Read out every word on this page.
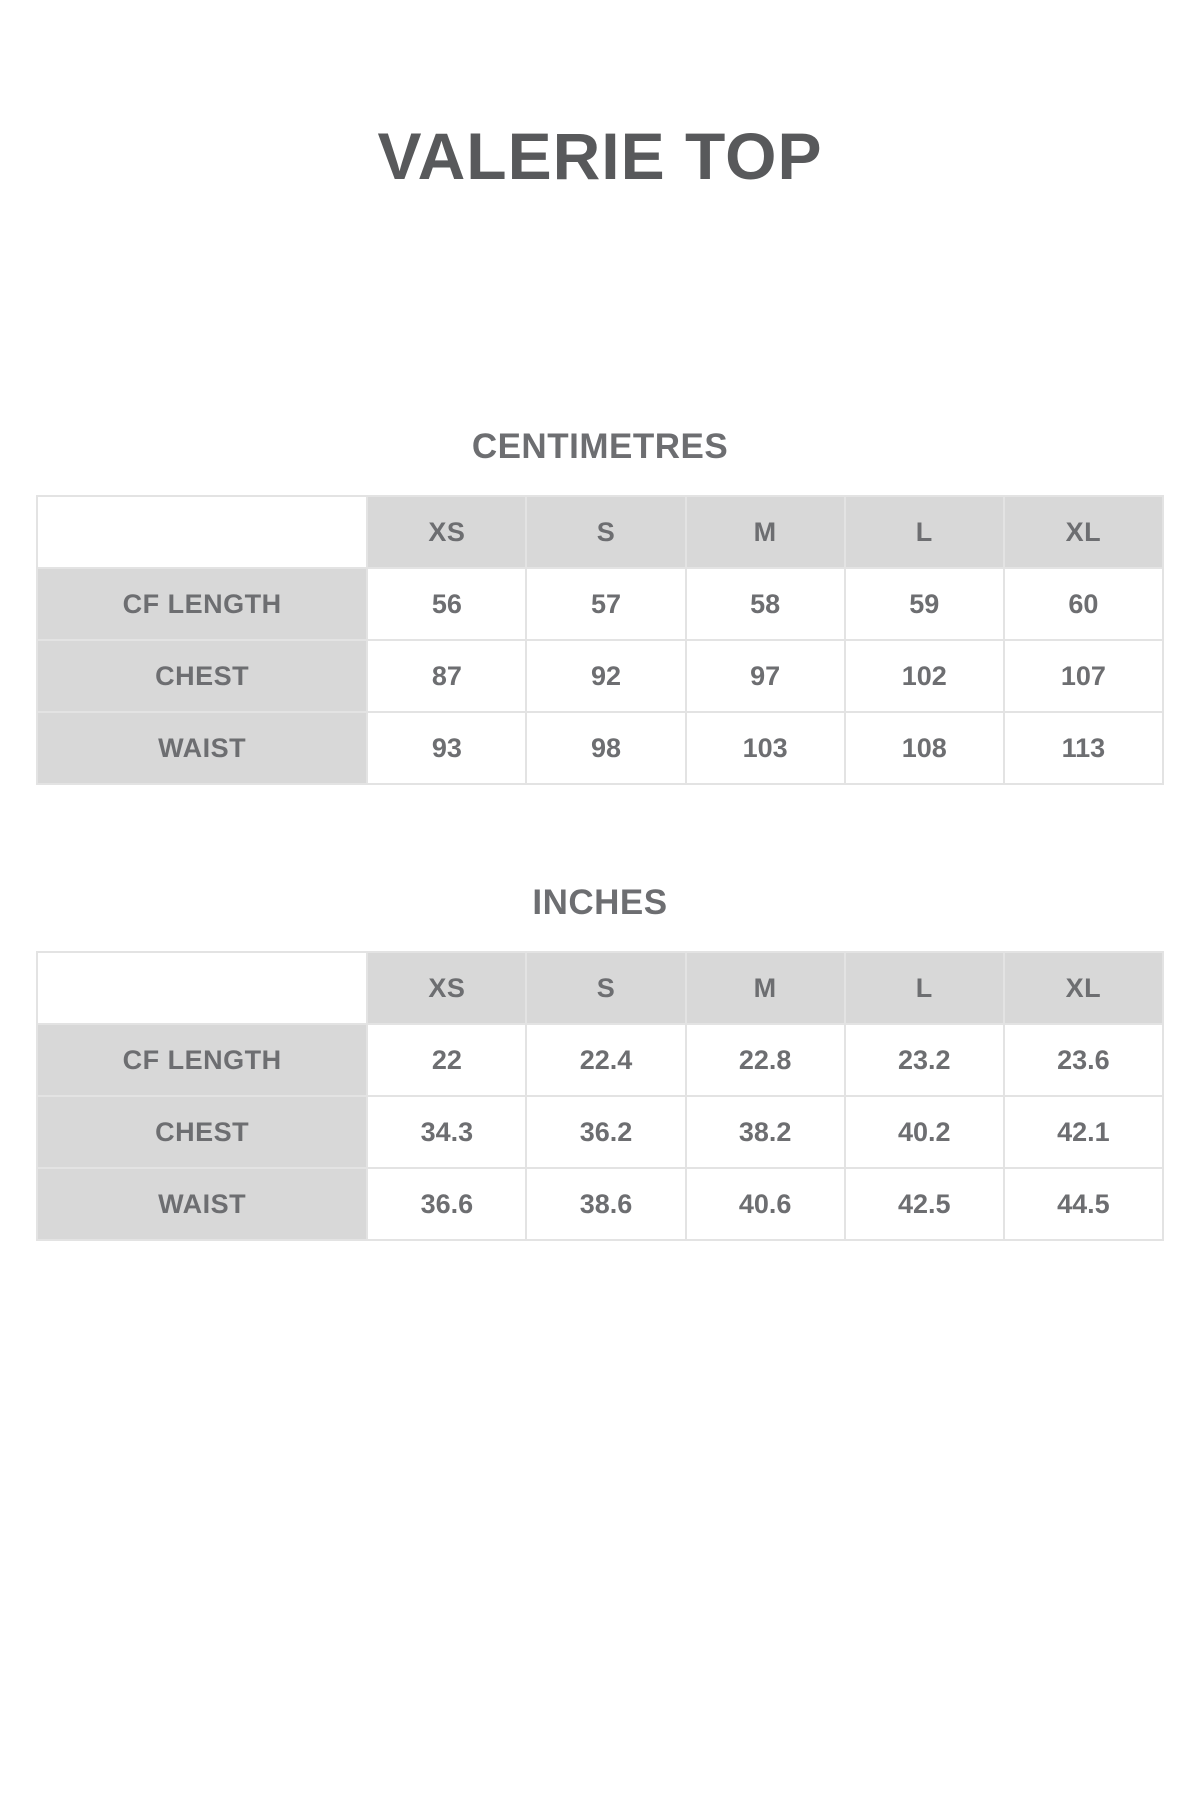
VALERIE TOP
CENTIMETRES
	XS	S	M	L	XL
CF LENGTH	56	57	58	59	60
CHEST	87	92	97	102	107
WAIST	93	98	103	108	113
INCHES
	XS	S	M	L	XL
CF LENGTH	22	22.4	22.8	23.2	23.6
CHEST	34.3	36.2	38.2	40.2	42.1
WAIST	36.6	38.6	40.6	42.5	44.5
